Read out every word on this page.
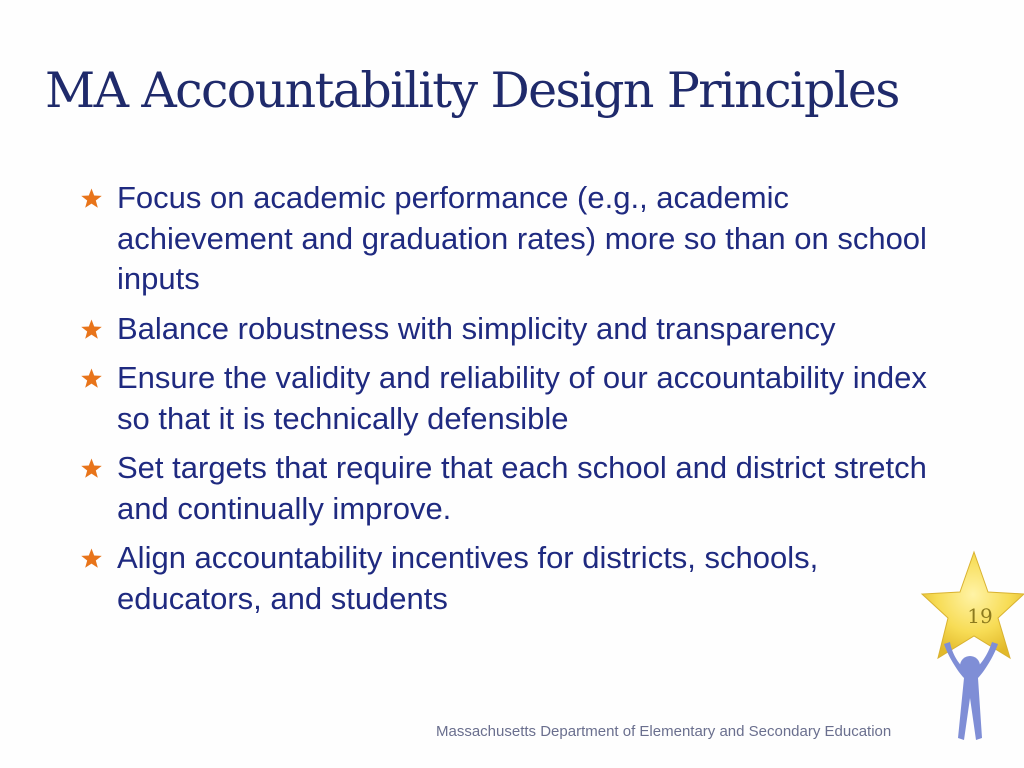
MA Accountability Design Principles
Focus on academic performance (e.g., academic achievement and graduation rates) more so than on school inputs
Balance robustness with simplicity and transparency
Ensure the validity and reliability of our accountability index so that it is technically defensible
Set targets that require that each school and district stretch and continually improve.
Align accountability incentives for districts, schools, educators, and students
19
Massachusetts Department of Elementary and Secondary Education
